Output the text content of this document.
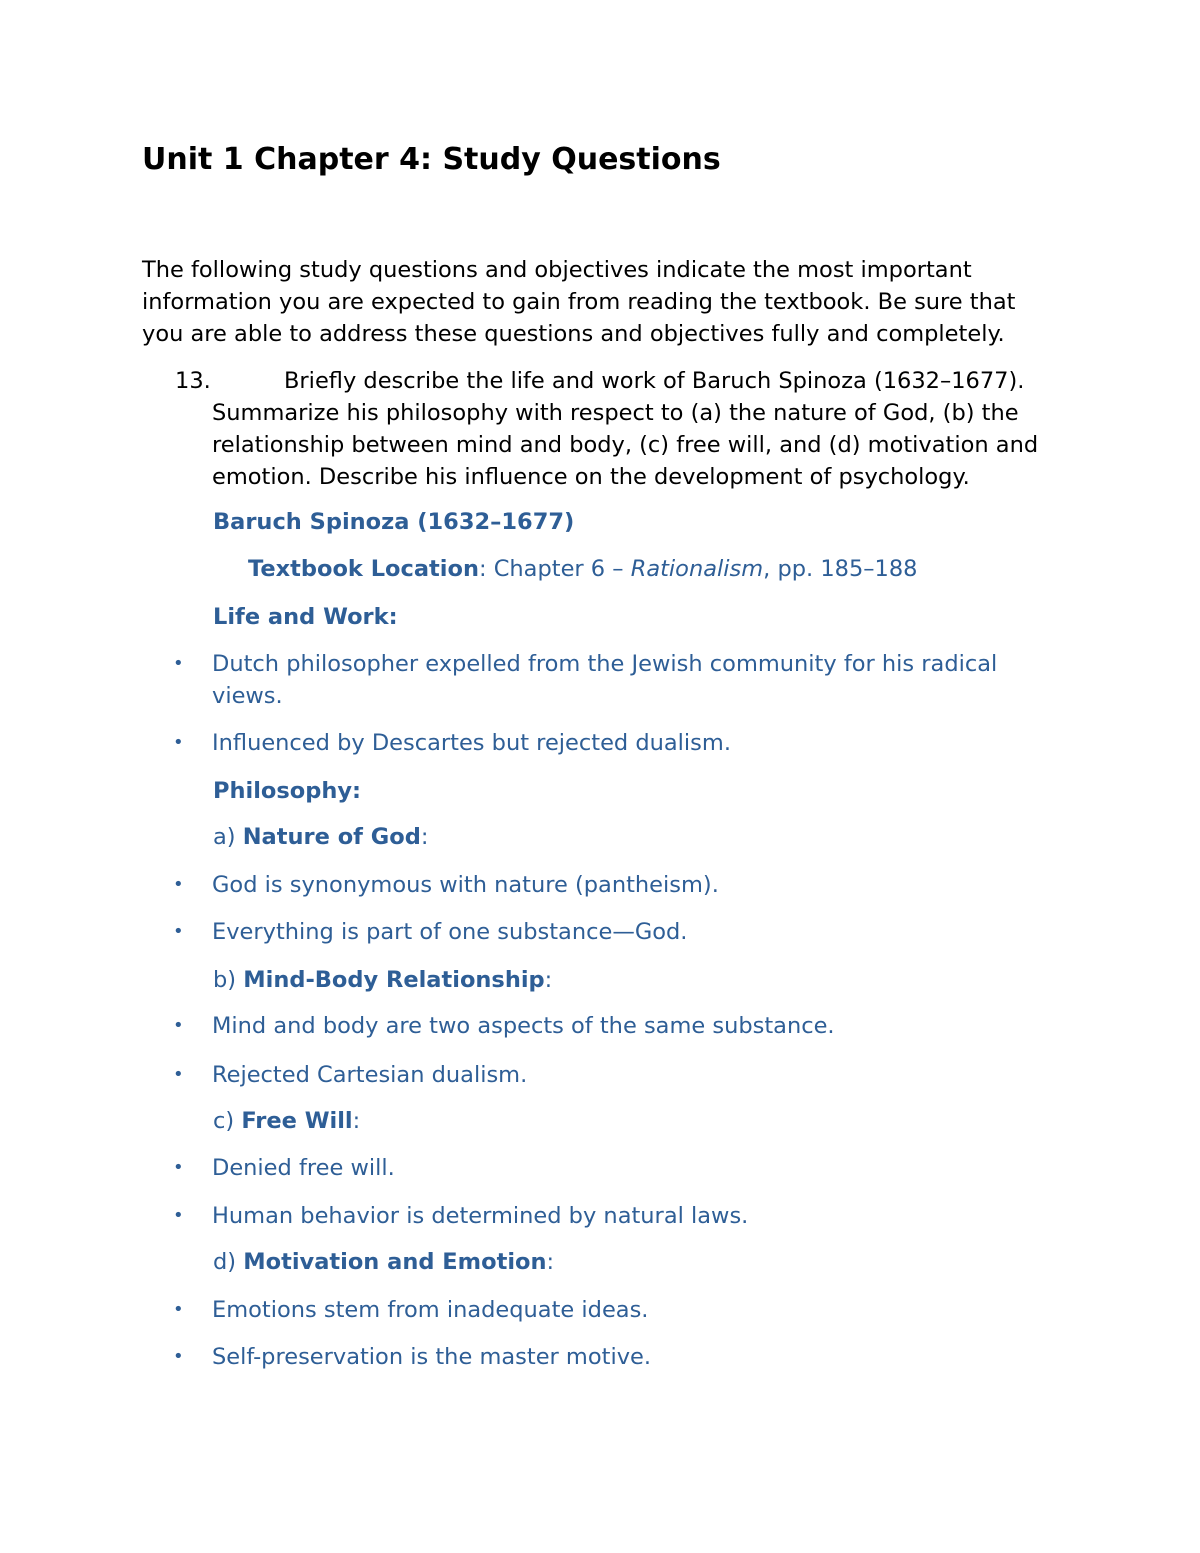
Unit 1 Chapter 4: Study Questions

The following study questions and objectives indicate the most important information you are expected to gain from reading the textbook. Be sure that you are able to address these questions and objectives fully and completely.

13.	Briefly describe the life and work of Baruch Spinoza (1632–1677). Summarize his philosophy with respect to (a) the nature of God, (b) the relationship between mind and body, (c) free will, and (d) motivation and emotion. Describe his influence on the development of psychology.
Baruch Spinoza (1632–1677)
Textbook Location: Chapter 6 – Rationalism, pp. 185–188
Life and Work:
• Dutch philosopher expelled from the Jewish community for his radical views.
• Influenced by Descartes but rejected dualism.
Philosophy:
a) Nature of God:
• God is synonymous with nature (pantheism).
• Everything is part of one substance—God.
b) Mind-Body Relationship:
• Mind and body are two aspects of the same substance.
• Rejected Cartesian dualism.
c) Free Will:
• Denied free will.
• Human behavior is determined by natural laws.
d) Motivation and Emotion:
• Emotions stem from inadequate ideas.
• Self-preservation is the master motive.
